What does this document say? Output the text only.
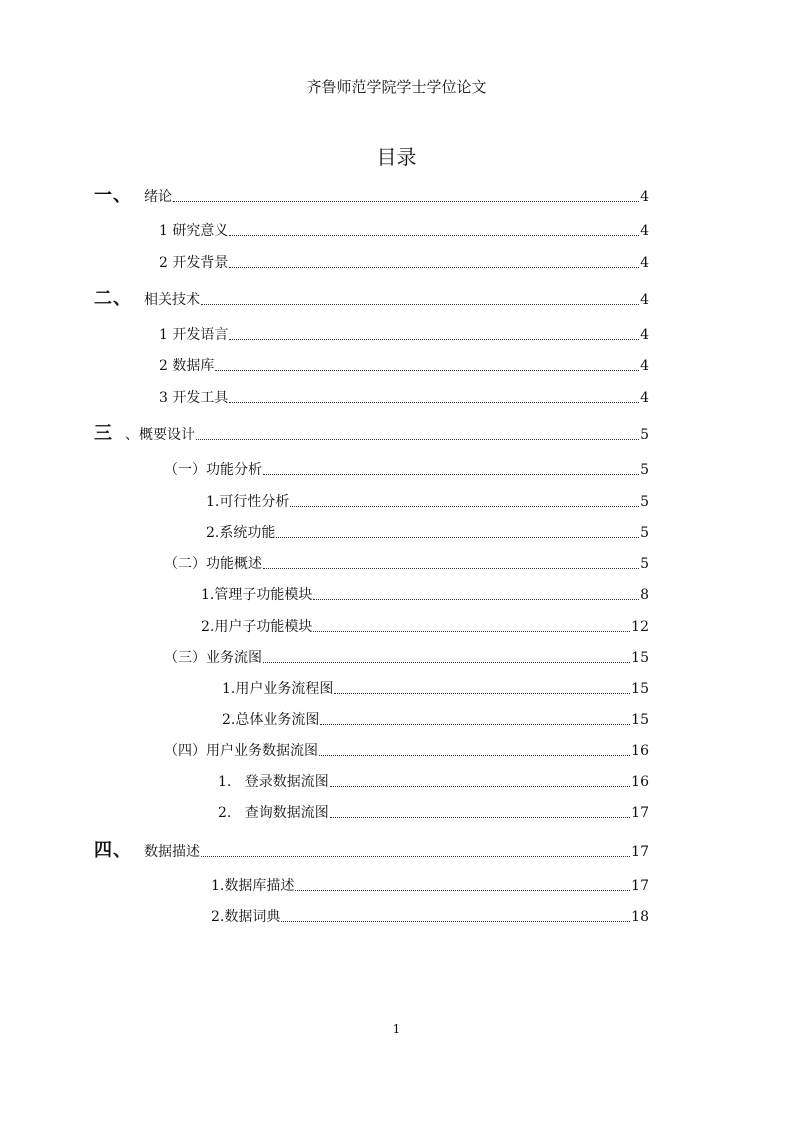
齐鲁师范学院学士学位论文
目录
一、 绪论	4
1 研究意义	4
2 开发背景	4
二、 相关技术	4
1 开发语言	4
2 数据库	4
3 开发工具	4
三 、概要设计	5
（一）功能分析	5
1.可行性分析	5
2.系统功能	5
（二）功能概述	5
1.管理子功能模块	8
2.用户子功能模块	12
（三）业务流图	15
1.用户业务流程图	15
2.总体业务流图	15
（四）用户业务数据流图	16
1. 登录数据流图	16
2. 查询数据流图	17
四、 数据描述	17
1.数据库描述	17
2.数据词典	18
1
